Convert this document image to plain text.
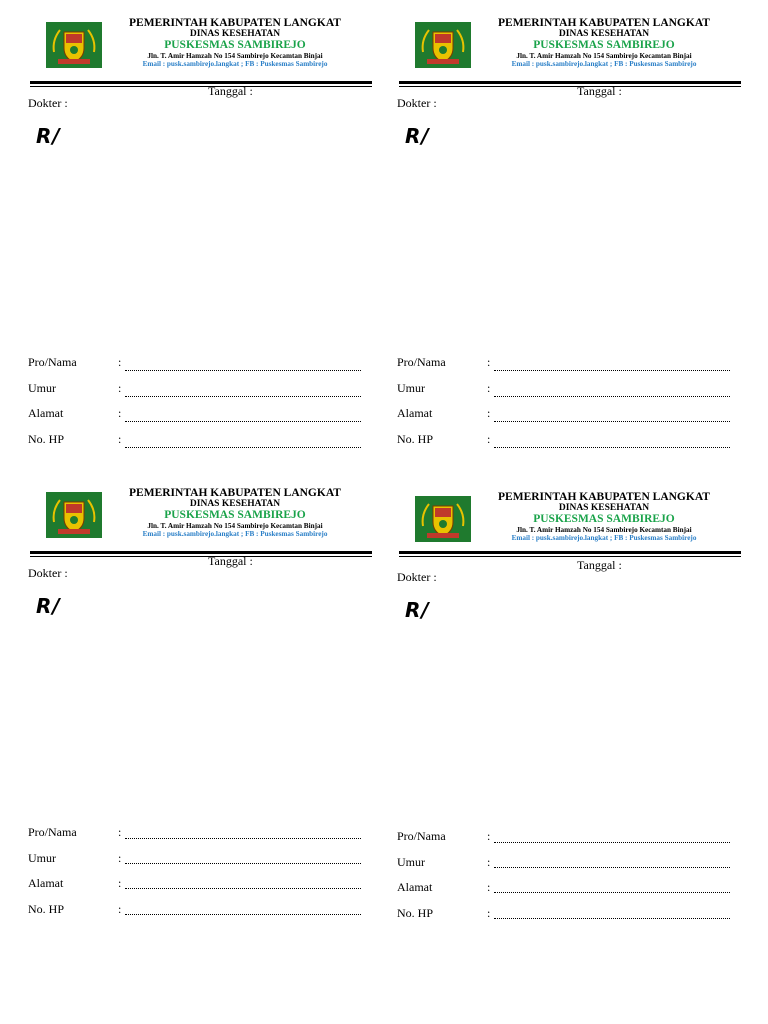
PEMERINTAH KABUPATEN LANGKAT
DINAS KESEHATAN
PUSKESMAS SAMBIREJO
Jln. T. Amir Hamzah No 154 Sambirejo Kecamtan Binjai
Email : pusk.sambirejo.langkat ; FB : Puskesmas Sambirejo
Tanggal :
Dokter :
R/
Pro/Nama	:
Umur	:
Alamat	:
No. HP	:
PEMERINTAH KABUPATEN LANGKAT
DINAS KESEHATAN
PUSKESMAS SAMBIREJO
Jln. T. Amir Hamzah No 154 Sambirejo Kecamtan Binjai
Email : pusk.sambirejo.langkat ; FB : Puskesmas Sambirejo
Tanggal :
Dokter :
R/
Pro/Nama	:
Umur	:
Alamat	:
No. HP	:
PEMERINTAH KABUPATEN LANGKAT
DINAS KESEHATAN
PUSKESMAS SAMBIREJO
Jln. T. Amir Hamzah No 154 Sambirejo Kecamtan Binjai
Email : pusk.sambirejo.langkat ; FB : Puskesmas Sambirejo
Tanggal :
Dokter :
R/
Pro/Nama	:
Umur	:
Alamat	:
No. HP	:
PEMERINTAH KABUPATEN LANGKAT
DINAS KESEHATAN
PUSKESMAS SAMBIREJO
Jln. T. Amir Hamzah No 154 Sambirejo Kecamtan Binjai
Email : pusk.sambirejo.langkat ; FB : Puskesmas Sambirejo
Tanggal :
Dokter :
R/
Pro/Nama	:
Umur	:
Alamat	:
No. HP	:
